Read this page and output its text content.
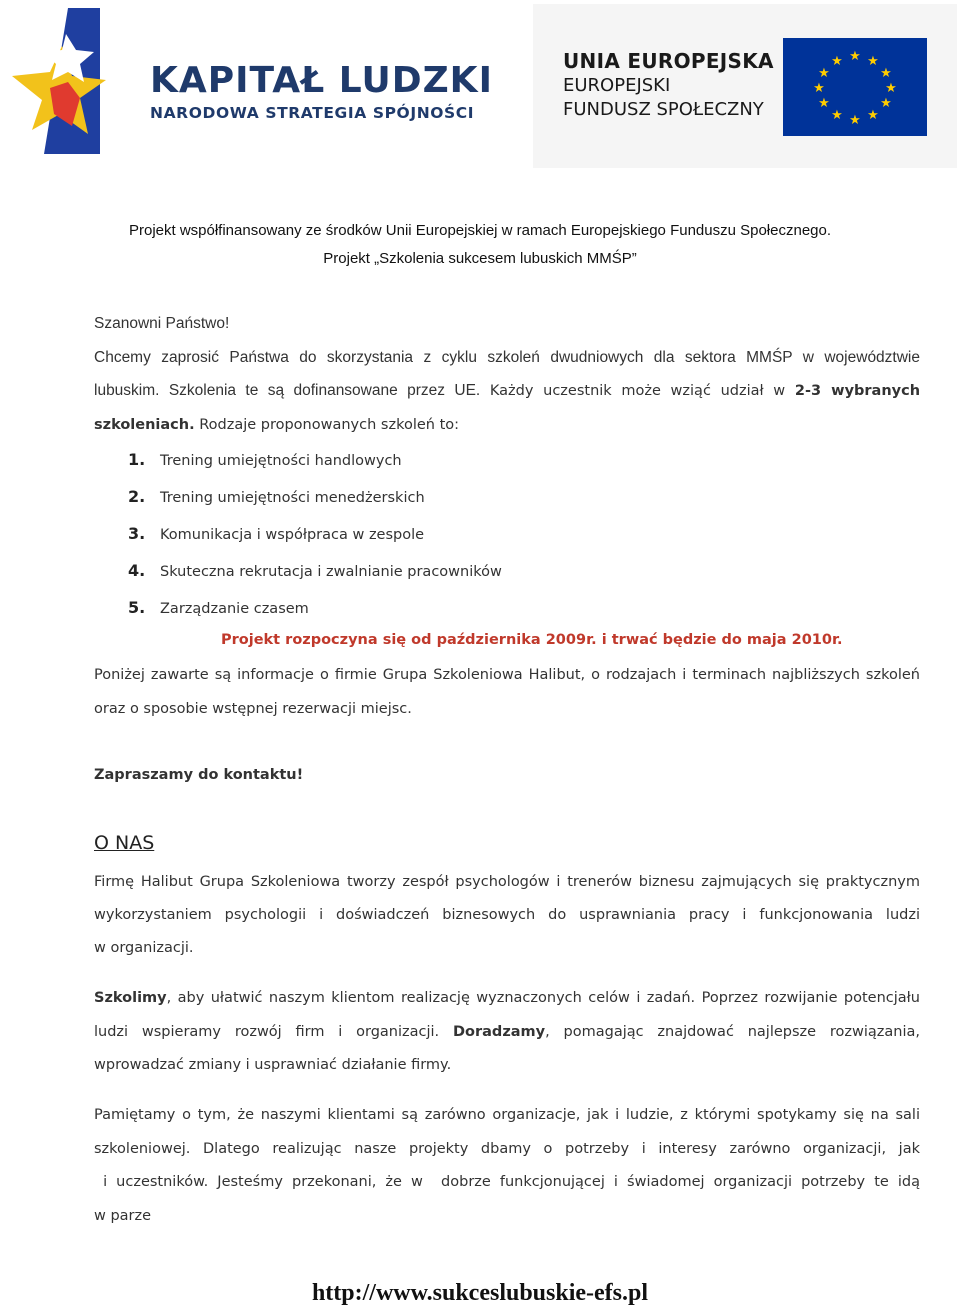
KAPITAŁ LUDZKI
NARODOWA STRATEGIA SPÓJNOŚCI
UNIA EUROPEJSKA
EUROPEJSKI
FUNDUSZ SPOŁECZNY
★ ★
★
★
★
★
★
★
★
★
★
★
Projekt współfinansowany ze środków Unii Europejskiej w ramach Europejskiego Funduszu Społecznego.
Projekt „Szkolenia sukcesem lubuskich MMŚP”
Szanowni Państwo!
Chcemy zaprosić Państwa do skorzystania z cyklu szkoleń dwudniowych dla sektora MMŚP w województwie
lubuskim. Szkolenia te są dofinansowane przez UE. Każdy uczestnik może wziąć udział w 2-3 wybranych
szkoleniach. Rodzaje proponowanych szkoleń to:
1. Trening umiejętności handlowych
2. Trening umiejętności menedżerskich
3. Komunikacja i współpraca w zespole
4. Skuteczna rekrutacja i zwalnianie pracowników
5. Zarządzanie czasem
Projekt rozpoczyna się od października 2009r. i trwać będzie do maja 2010r.
Poniżej zawarte są informacje o firmie Grupa Szkoleniowa Halibut, o rodzajach i terminach najbliższych szkoleń
oraz o sposobie wstępnej rezerwacji miejsc.
Zapraszamy do kontaktu!
O NAS
Firmę Halibut Grupa Szkoleniowa tworzy zespół psychologów i trenerów biznesu zajmujących się praktycznym
wykorzystaniem psychologii i doświadczeń biznesowych do usprawniania pracy i funkcjonowania ludzi
w organizacji.
Szkolimy, aby ułatwić naszym klientom realizację wyznaczonych celów i zadań. Poprzez rozwijanie potencjału
ludzi wspieramy rozwój firm i organizacji. Doradzamy, pomagając znajdować najlepsze rozwiązania,
wprowadzać zmiany i usprawniać działanie firmy.
Pamiętamy o tym, że naszymi klientami są zarówno organizacje, jak i ludzie, z którymi spotykamy się na sali
szkoleniowej. Dlatego realizując nasze projekty dbamy o potrzeby i interesy zarówno organizacji, jak
i uczestników. Jesteśmy przekonani, że w  dobrze funkcjonującej i świadomej organizacji potrzeby te idą
w parze
http://www.sukceslubuskie-efs.pl
